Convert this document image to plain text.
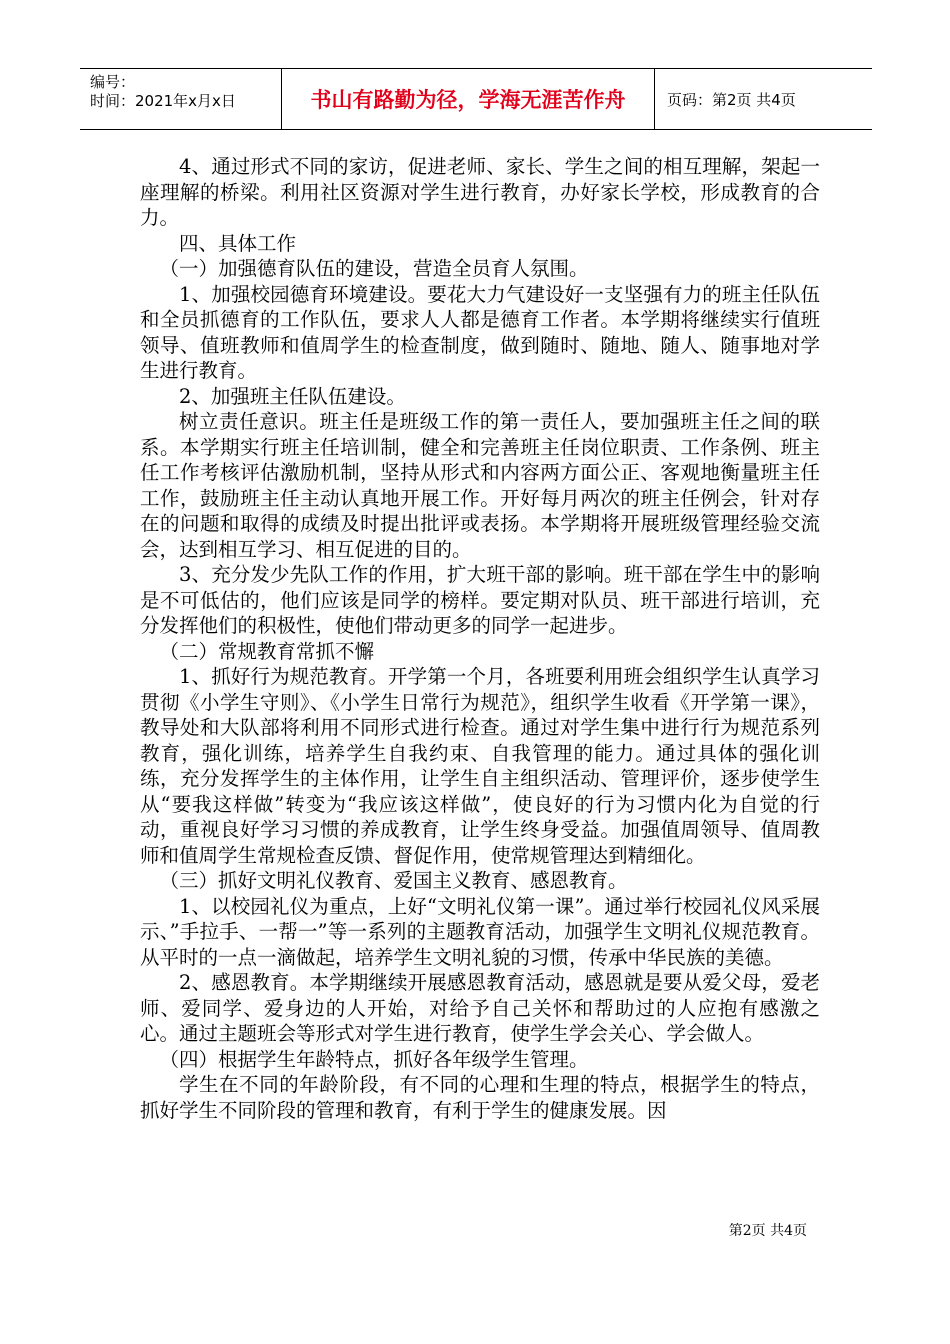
编号：
时间：2021年x月x日	书山有路勤为径，学海无涯苦作舟	页码：第2页 共4页

4、通过形式不同的家访，促进老师、家长、学生之间的相互理解，架起一座理解的桥梁。利用社区资源对学生进行教育，办好家长学校，形成教育的合力。

四、具体工作

（一）加强德育队伍的建设，营造全员育人氛围。

1、加强校园德育环境建设。要花大力气建设好一支坚强有力的班主任队伍和全员抓德育的工作队伍，要求人人都是德育工作者。本学期将继续实行值班领导、值班教师和值周学生的检查制度，做到随时、随地、随人、随事地对学生进行教育。

2、加强班主任队伍建设。

树立责任意识。班主任是班级工作的第一责任人，要加强班主任之间的联系。本学期实行班主任培训制，健全和完善班主任岗位职责、工作条例、班主任工作考核评估激励机制，坚持从形式和内容两方面公正、客观地衡量班主任工作，鼓励班主任主动认真地开展工作。开好每月两次的班主任例会，针对存在的问题和取得的成绩及时提出批评或表扬。本学期将开展班级管理经验交流会，达到相互学习、相互促进的目的。

3、充分发少先队工作的作用，扩大班干部的影响。班干部在学生中的影响是不可低估的，他们应该是同学的榜样。要定期对队员、班干部进行培训，充分发挥他们的积极性，使他们带动更多的同学一起进步。

（二）常规教育常抓不懈

1、抓好行为规范教育。开学第一个月，各班要利用班会组织学生认真学习贯彻《小学生守则》、《小学生日常行为规范》，组织学生收看《开学第一课》，教导处和大队部将利用不同形式进行检查。通过对学生集中进行行为规范系列教育，强化训练，培养学生自我约束、自我管理的能力。通过具体的强化训练，充分发挥学生的主体作用，让学生自主组织活动、管理评价，逐步使学生从“要我这样做”转变为“我应该这样做”，使良好的行为习惯内化为自觉的行动，重视良好学习习惯的养成教育，让学生终身受益。加强值周领导、值周教师和值周学生常规检查反馈、督促作用，使常规管理达到精细化。

（三）抓好文明礼仪教育、爱国主义教育、感恩教育。

1、以校园礼仪为重点，上好“文明礼仪第一课”。通过举行校园礼仪风采展示、”手拉手、一帮一”等一系列的主题教育活动，加强学生文明礼仪规范教育。从平时的一点一滴做起，培养学生文明礼貌的习惯，传承中华民族的美德。

2、感恩教育。本学期继续开展感恩教育活动，感恩就是要从爱父母，爱老师、爱同学、爱身边的人开始，对给予自己关怀和帮助过的人应抱有感激之心。通过主题班会等形式对学生进行教育，使学生学会关心、学会做人。

（四）根据学生年龄特点，抓好各年级学生管理。

学生在不同的年龄阶段，有不同的心理和生理的特点，根据学生的特点，抓好学生不同阶段的管理和教育，有利于学生的健康发展。因

第2页 共4页
